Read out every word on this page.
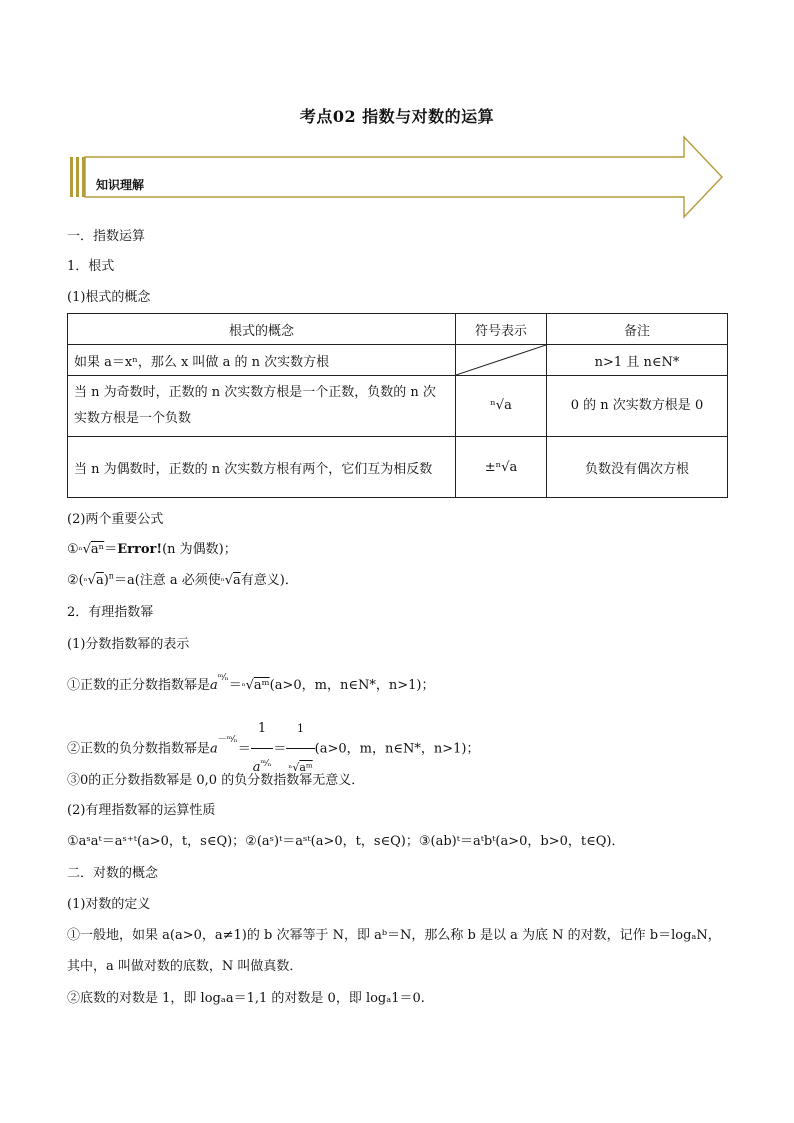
考点02 指数与对数的运算
知识理解
一．指数运算
1．根式
(1)根式的概念
根式的概念	符号表示	备注
如果 a＝xⁿ，那么 x 叫做 a 的 n 次实数方根		n>1 且 n∈N*

当 n 为奇数时，正数的 n 次实数方根是一个正数，负数的 n 次
实数方根是一个负数	ⁿ√a	0 的 n 次实数方根是 0
当 n 为偶数时，正数的 n 次实数方根有两个，它们互为相反数	±ⁿ√a	负数没有偶次方根
(2)两个重要公式
①ⁿ√aⁿ＝Error!(n 为偶数)；
$②(^n√a)^n=a$(注意 a 必须使ⁿ√a有意义)．
2．有理指数幂
(1)分数指数幂的表示
①正数的正分数指数幂是$a^{ᵐ⁄_n}=^n√aᵐ(a>0$，m，n∈N*，n>1)；
②正数的负分数指数幂是$a^{-ᵐ⁄_n}= \frac{1}{a^{ᵐ⁄_n}} = \frac{1}{\text{ⁿ√aᵐ}} (a>0$，m，n∈N*，n>1)；
③0的正分数指数幂是 0,0 的负分数指数幂无意义．
(2)有理指数幂的运算性质
①aˢaᵗ＝aˢ⁺ᵗ(a>0，t，s∈Q)；②(aˢ)ᵗ＝aˢᵗ(a>0，t，s∈Q)；③(ab)ᵗ＝aᵗbᵗ(a>0，b>0，t∈Q)．
二．对数的概念
(1)对数的定义
①一般地，如果 a(a>0，a≠1)的 b 次幂等于 N，即 aᵇ＝N，那么称 b 是以 a 为底 N 的对数，记作 b＝logₐN，
其中，a 叫做对数的底数，N 叫做真数．
②底数的对数是 1，即 logₐa＝1,1 的对数是 0，即 logₐ1＝0.
